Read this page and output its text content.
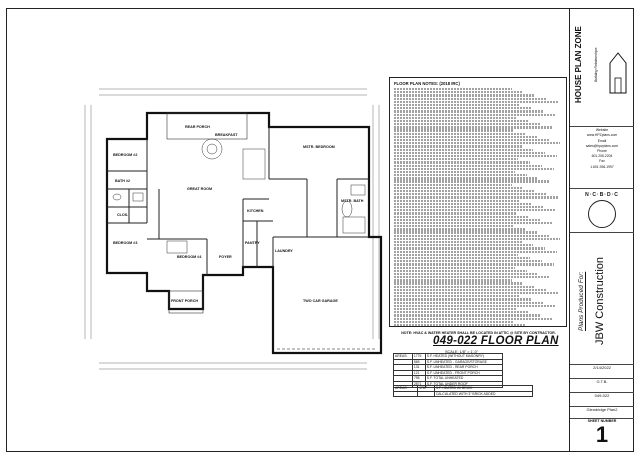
REAR PORCH
BREAKFAST
MSTR. BEDROOM
BEDROOM #2
BATH #2
CLOS.
GREAT ROOM
KITCHEN
MSTR. BATH
BEDROOM #3
BEDROOM #4	FOYER
PANTRY
LAUNDRY
FRONT PORCH	TWO CAR GARAGE
FLOOR PLAN NOTES: (2018 IRC)
NOTE: HVAC & WATER HEATER SHALL BE LOCATED IN ATTIC @ SITE BY CONTRACTOR.
049-022 FLOOR PLAN
SCALE: 1/8" = 1'-0"
AREAS:	1776	S.F. HEATED (WITHOUT MASONRY)
	565	S.F. UNHEATED - GARAGE/STORAGE
	131	S.F. UNHEATED - REAR PORCH
	121	S.F. UNHEATED - FRONT PORCH
	795	S.F. TOTAL UNHEATED
	2571	S.F. TOTAL UNDER ROOF
AREAS:	1787	S.F. HEATED W/ BRICK
		CALCULATED WITH 3" BRICK ADDED
HOUSE PLAN ZONE	Building Relationships
Website
www.HPZplans.com
Email
sales@hpzplans.com
Phone
601.206.2204
Fax
1.601.936.1997
N·C·B·D·C
Plans Produced For: JBW Construction
2/14/2022
G.T.B.
049-022
Glendridge Plan2
SHEET NUMBER
1
